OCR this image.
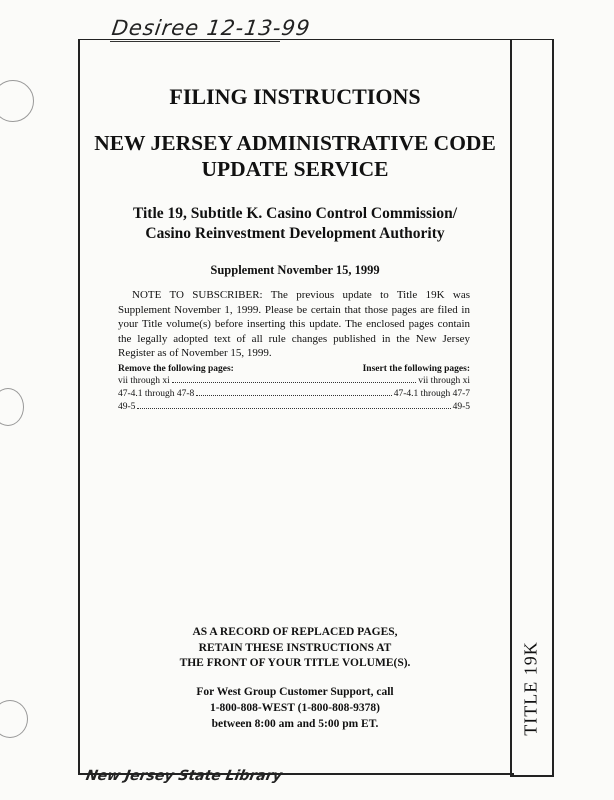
Desiree 12-13-99
TITLE 19K
FILING INSTRUCTIONS
NEW JERSEY ADMINISTRATIVE CODE
UPDATE SERVICE
Title 19, Subtitle K. Casino Control Commission/
Casino Reinvestment Development Authority
Supplement November 15, 1999
NOTE TO SUBSCRIBER: The previous update to Title 19K was Supplement November 1, 1999. Please be certain that those pages are filed in your Title volume(s) before inserting this update. The enclosed pages contain the legally adopted text of all rule changes published in the New Jersey Register as of November 15, 1999.
Remove the following pages:	Insert the following pages:
vii through xi	vii through xi
47-4.1 through 47-8	47-4.1 through 47-7
49-5	49-5
AS A RECORD OF REPLACED PAGES,
RETAIN THESE INSTRUCTIONS AT
THE FRONT OF YOUR TITLE VOLUME(S).
For West Group Customer Support, call
1-800-808-WEST (1-800-808-9378)
between 8:00 am and 5:00 pm ET.
New Jersey State Library
